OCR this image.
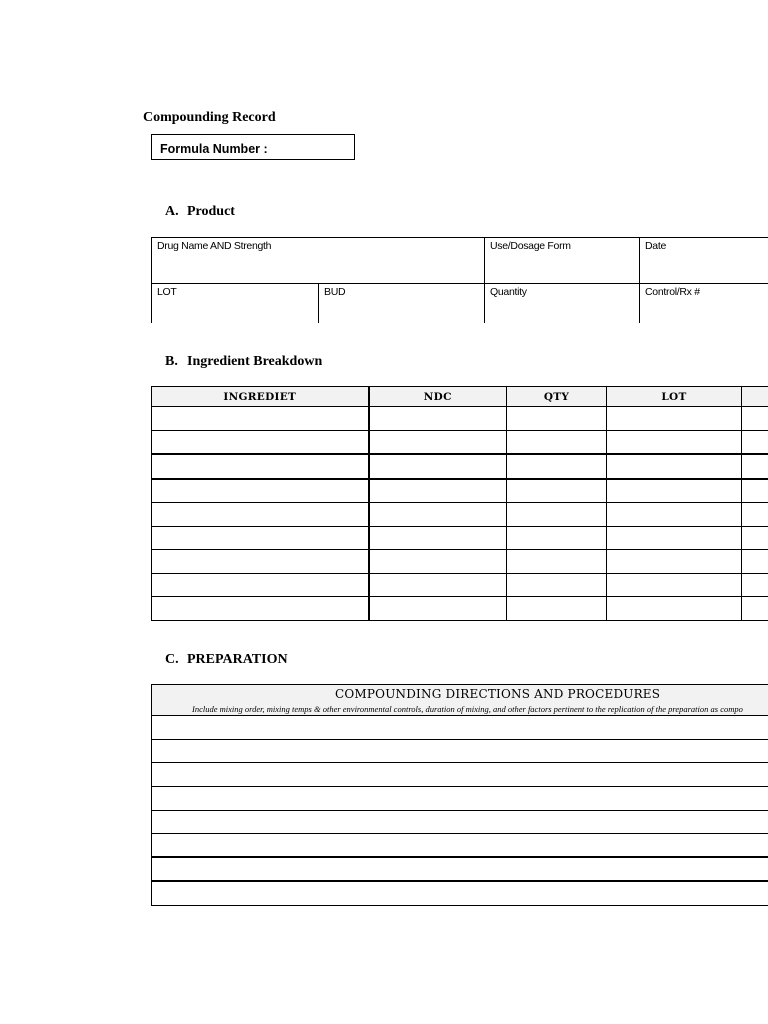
Compounding Record
Formula Number :
A. Product
Drug Name AND Strength		Use/Dosage Form	Date
LOT	BUD	Quantity	Control/Rx #
B. Ingredient Breakdown
INGREDIET	NDC	QTY	LOT	

C. PREPARATION
COMPOUNDING DIRECTIONS AND PROCEDURES
Include mixing order, mixing temps & other environmental controls, duration of mixing, and other factors pertinent to the replication of the preparation as compo
